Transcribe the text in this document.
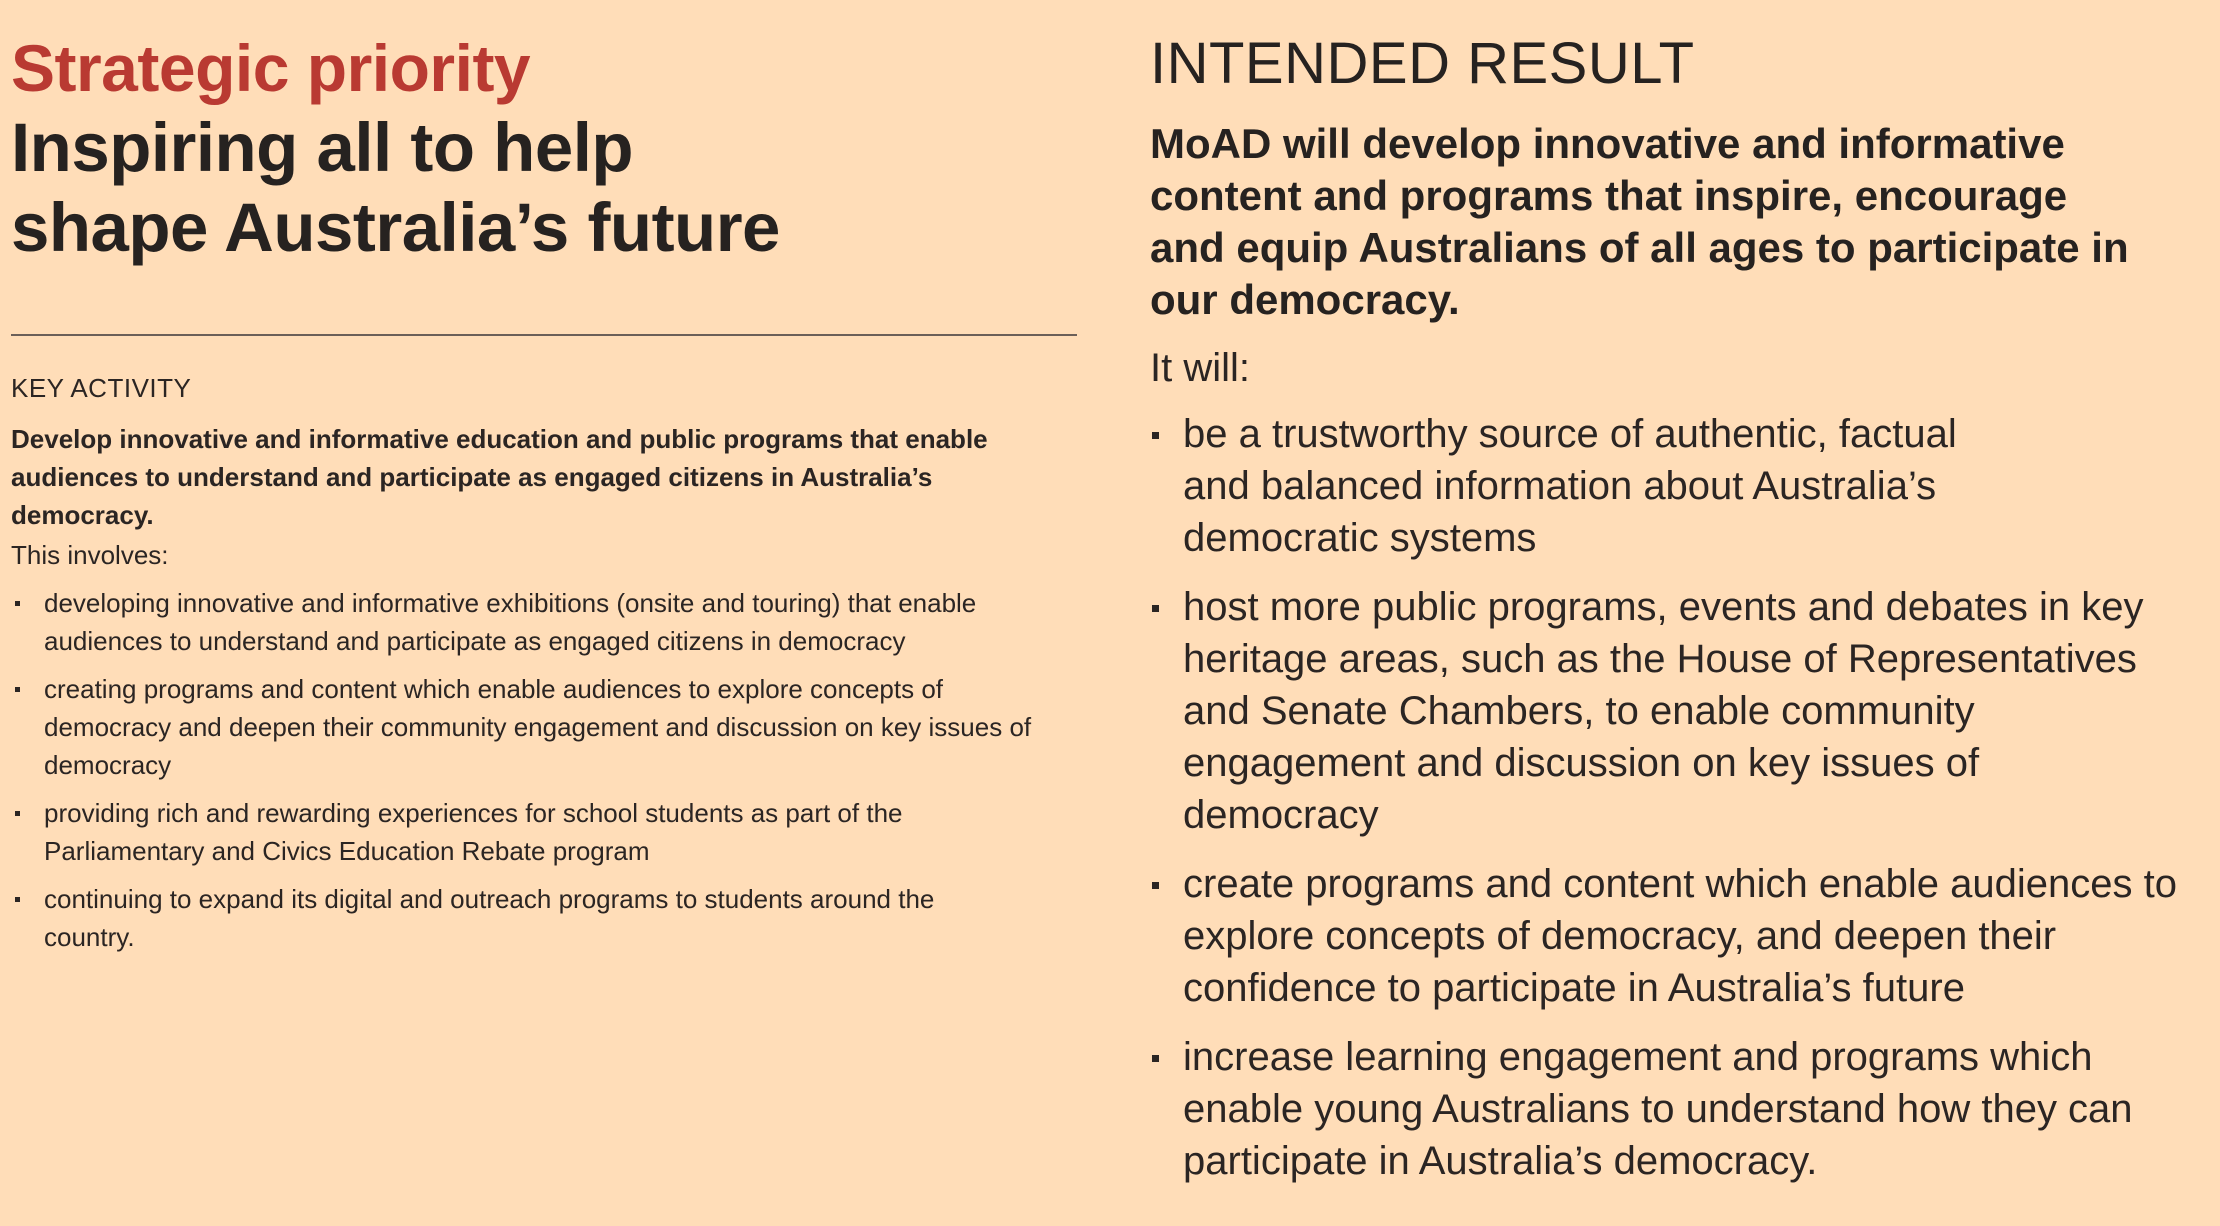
Strategic priority
Inspiring all to help
shape Australia’s future

KEY ACTIVITY

Develop innovative and informative education and public programs that enable audiences to understand and participate as engaged citizens in Australia’s democracy.

This involves:

developing innovative and informative exhibitions (onsite and touring) that enable audiences to understand and participate as engaged citizens in democracy
creating programs and content which enable audiences to explore concepts of democracy and deepen their community engagement and discussion on key issues of democracy
providing rich and rewarding experiences for school students as part of the Parliamentary and Civics Education Rebate program
continuing to expand its digital and outreach programs to students around the country.
INTENDED RESULT

MoAD will develop innovative and informative content and programs that inspire, encourage and equip Australians of all ages to participate in our democracy.

It will:

be a trustworthy source of authentic, factual and balanced information about Australia’s democratic systems
host more public programs, events and debates in key heritage areas, such as the House of Representatives and Senate Chambers, to enable community engagement and discussion on key issues of democracy
create programs and content which enable audiences to explore concepts of democracy, and deepen their confidence to participate in Australia’s future
increase learning engagement and programs which enable young Australians to understand how they can participate in Australia’s democracy.
